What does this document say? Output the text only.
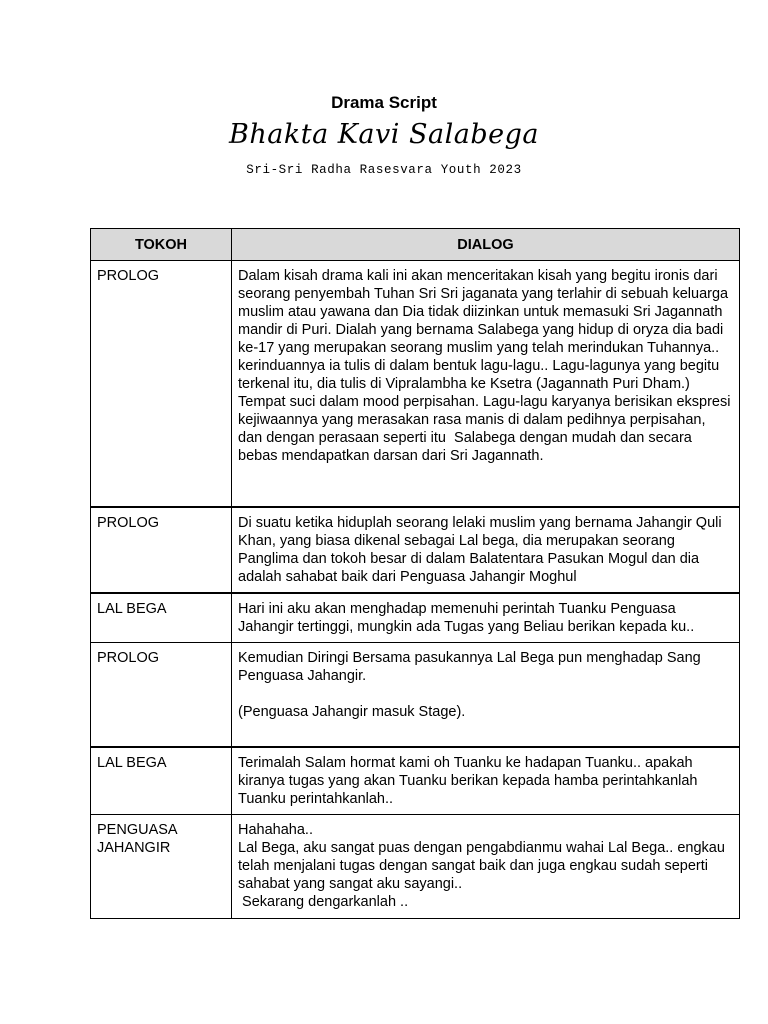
Drama Script
Bhakta Kavi Salabega
Sri-Sri Radha Rasesvara Youth 2023
TOKOH	DIALOG
PROLOG	Dalam kisah drama kali ini akan menceritakan kisah yang begitu ironis dari seorang penyembah Tuhan Sri Sri jaganata yang terlahir di sebuah keluarga muslim atau yawana dan Dia tidak diizinkan untuk memasuki Sri Jagannath mandir di Puri. Dialah yang bernama Salabega yang hidup di oryza dia badi ke-17 yang merupakan seorang muslim yang telah merindukan Tuhannya.. kerinduannya ia tulis di dalam bentuk lagu-lagu.. Lagu-lagunya yang begitu terkenal itu, dia tulis di Vipralambha ke Ksetra (Jagannath Puri Dham.) Tempat suci dalam mood perpisahan. Lagu-lagu karyanya berisikan ekspresi kejiwaannya yang merasakan rasa manis di dalam pedihnya perpisahan, dan dengan perasaan seperti itu  Salabega dengan mudah dan secara bebas mendapatkan darsan dari Sri Jagannath.
PROLOG	Di suatu ketika hiduplah seorang lelaki muslim yang bernama Jahangir Quli Khan, yang biasa dikenal sebagai Lal bega, dia merupakan seorang Panglima dan tokoh besar di dalam Balatentara Pasukan Mogul dan dia adalah sahabat baik dari Penguasa Jahangir Moghul
LAL BEGA	Hari ini aku akan menghadap memenuhi perintah Tuanku Penguasa Jahangir tertinggi, mungkin ada Tugas yang Beliau berikan kepada ku..
PROLOG	Kemudian Diringi Bersama pasukannya Lal Bega pun menghadap Sang Penguasa Jahangir.

(Penguasa Jahangir masuk Stage).
LAL BEGA	Terimalah Salam hormat kami oh Tuanku ke hadapan Tuanku.. apakah kiranya tugas yang akan Tuanku berikan kepada hamba perintahkanlah Tuanku perintahkanlah..
PENGUASA
JAHANGIR	Hahahaha..
Lal Bega, aku sangat puas dengan pengabdianmu wahai Lal Bega.. engkau telah menjalani tugas dengan sangat baik dan juga engkau sudah seperti sahabat yang sangat aku sayangi..
Sekarang dengarkanlah ..
